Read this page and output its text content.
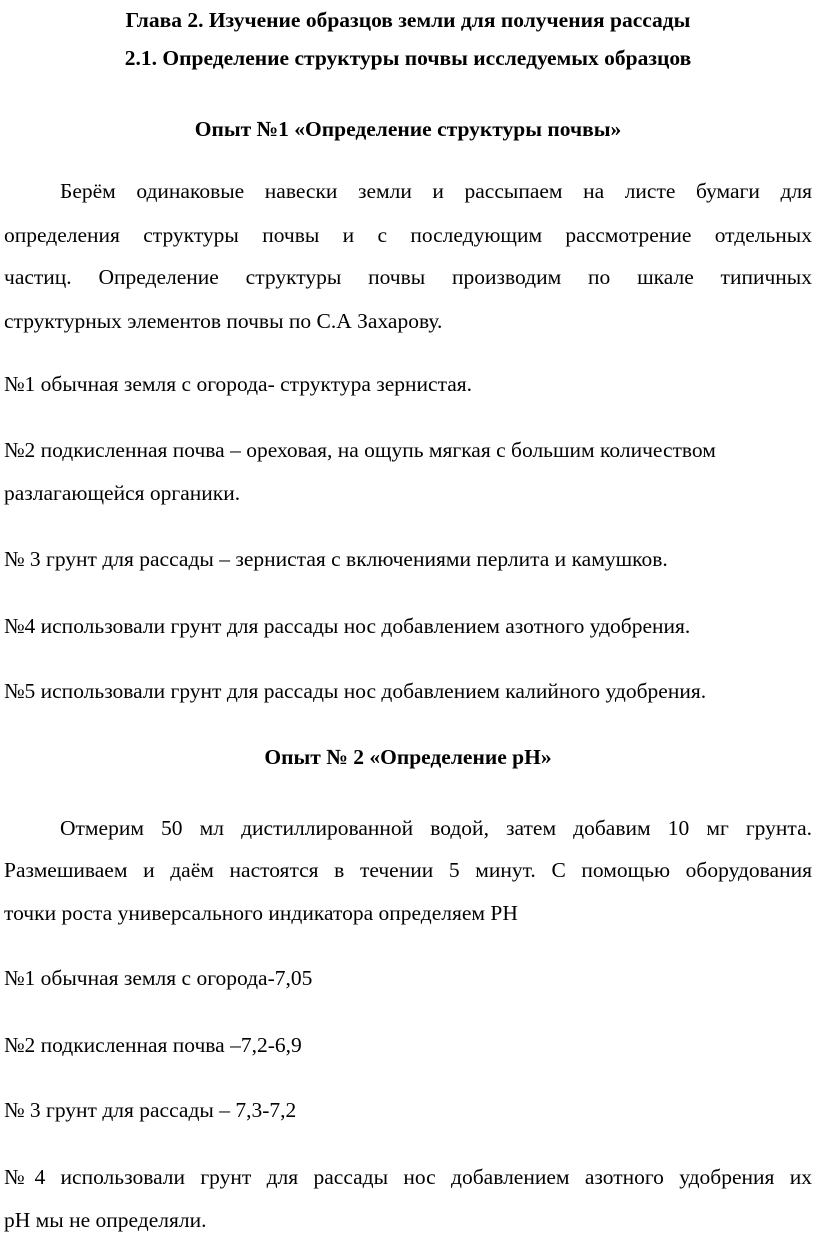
Глава 2. Изучение образцов земли для получения рассады
2.1. Определение структуры почвы исследуемых образцов
Опыт №1 «Определение структуры почвы»
Берём одинаковые навески земли и рассыпаем на листе бумаги для
определения структуры почвы и с последующим рассмотрение отдельных
частиц. Определение структуры почвы производим по шкале типичных
структурных элементов почвы по С.А Захарову.
№1 обычная земля с огорода- структура зернистая.
№2 подкисленная почва – ореховая, на ощупь мягкая с большим количеством
разлагающейся органики.
№ 3 грунт для рассады – зернистая с включениями перлита и камушков.
№4 использовали грунт для рассады нос добавлением азотного удобрения.
№5 использовали грунт для рассады нос добавлением калийного удобрения.
Опыт № 2 «Определение рН»
Отмерим 50 мл дистиллированной водой, затем добавим 10 мг грунта.
Размешиваем и даём настоятся в течении 5 минут. С помощью оборудования
точки роста универсального индикатора определяем РН
№1 обычная земля с огорода-7,05
№2 подкисленная почва –7,2-6,9
№ 3 грунт для рассады – 7,3-7,2
№4 использовали грунт для рассады нос добавлением азотного удобрения их
рН мы не определяли.
